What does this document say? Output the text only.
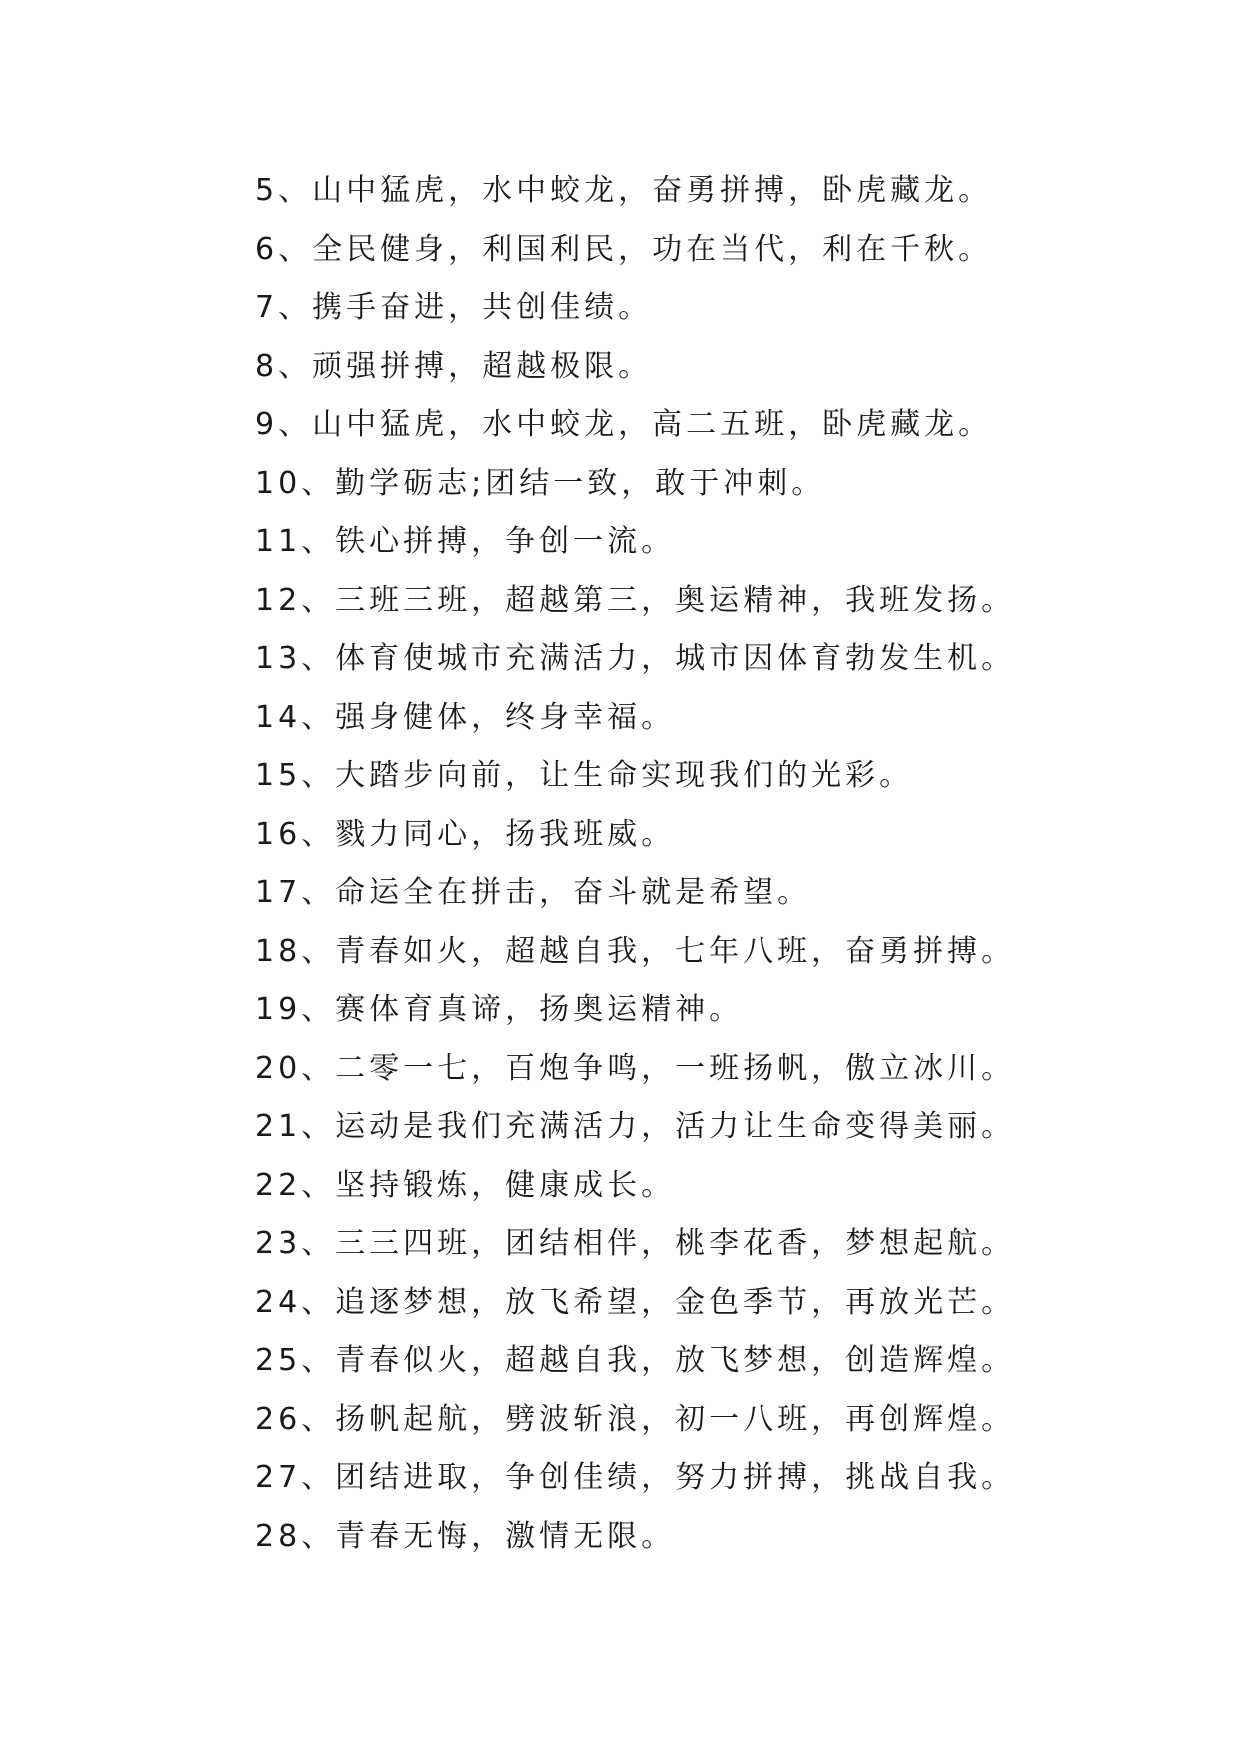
5、山中猛虎，水中蛟龙，奋勇拼搏，卧虎藏龙。
6、全民健身，利国利民，功在当代，利在千秋。
7、携手奋进，共创佳绩。
8、顽强拼搏，超越极限。
9、山中猛虎，水中蛟龙，高二五班，卧虎藏龙。
10、勤学砺志;团结一致，敢于冲刺。
11、铁心拼搏，争创一流。
12、三班三班，超越第三，奥运精神，我班发扬。
13、体育使城市充满活力，城市因体育勃发生机。
14、强身健体，终身幸福。
15、大踏步向前，让生命实现我们的光彩。
16、戮力同心，扬我班威。
17、命运全在拼击，奋斗就是希望。
18、青春如火，超越自我，七年八班，奋勇拼搏。
19、赛体育真谛，扬奥运精神。
20、二零一七，百炮争鸣，一班扬帆，傲立冰川。
21、运动是我们充满活力，活力让生命变得美丽。
22、坚持锻炼，健康成长。
23、三三四班，团结相伴，桃李花香，梦想起航。
24、追逐梦想，放飞希望，金色季节，再放光芒。
25、青春似火，超越自我，放飞梦想，创造辉煌。
26、扬帆起航，劈波斩浪，初一八班，再创辉煌。
27、团结进取，争创佳绩，努力拼搏，挑战自我。
28、青春无悔，激情无限。
